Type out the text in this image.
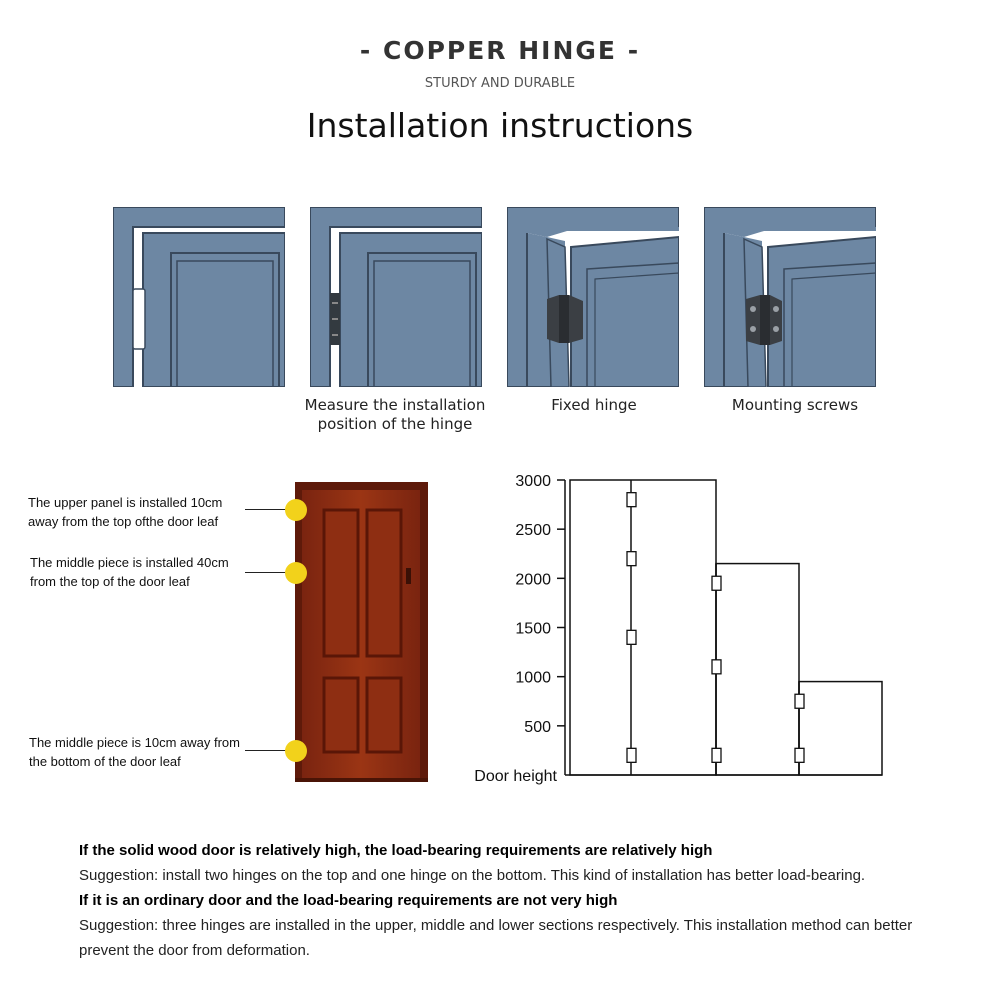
- COPPER HINGE -
STURDY AND DURABLE
Installation instructions
Measure the installation
position of the hinge
Fixed hinge	Mounting screws
The upper panel is installed 10cm
away from the top ofthe door leaf
The middle piece is installed 40cm
from the top of the door leaf
The middle piece is 10cm away from
the bottom of the door leaf
3000
2500
2000
1500
1000
500
Door height

If the solid wood door is relatively high, the load-bearing requirements are relatively high

Suggestion: install two hinges on the top and one hinge on the bottom. This kind of installation has better load-bearing.

If it is an ordinary door and the load-bearing requirements are not very high

Suggestion: three hinges are installed in the upper, middle and lower sections respectively. This installation method can better prevent the door from deformation.
